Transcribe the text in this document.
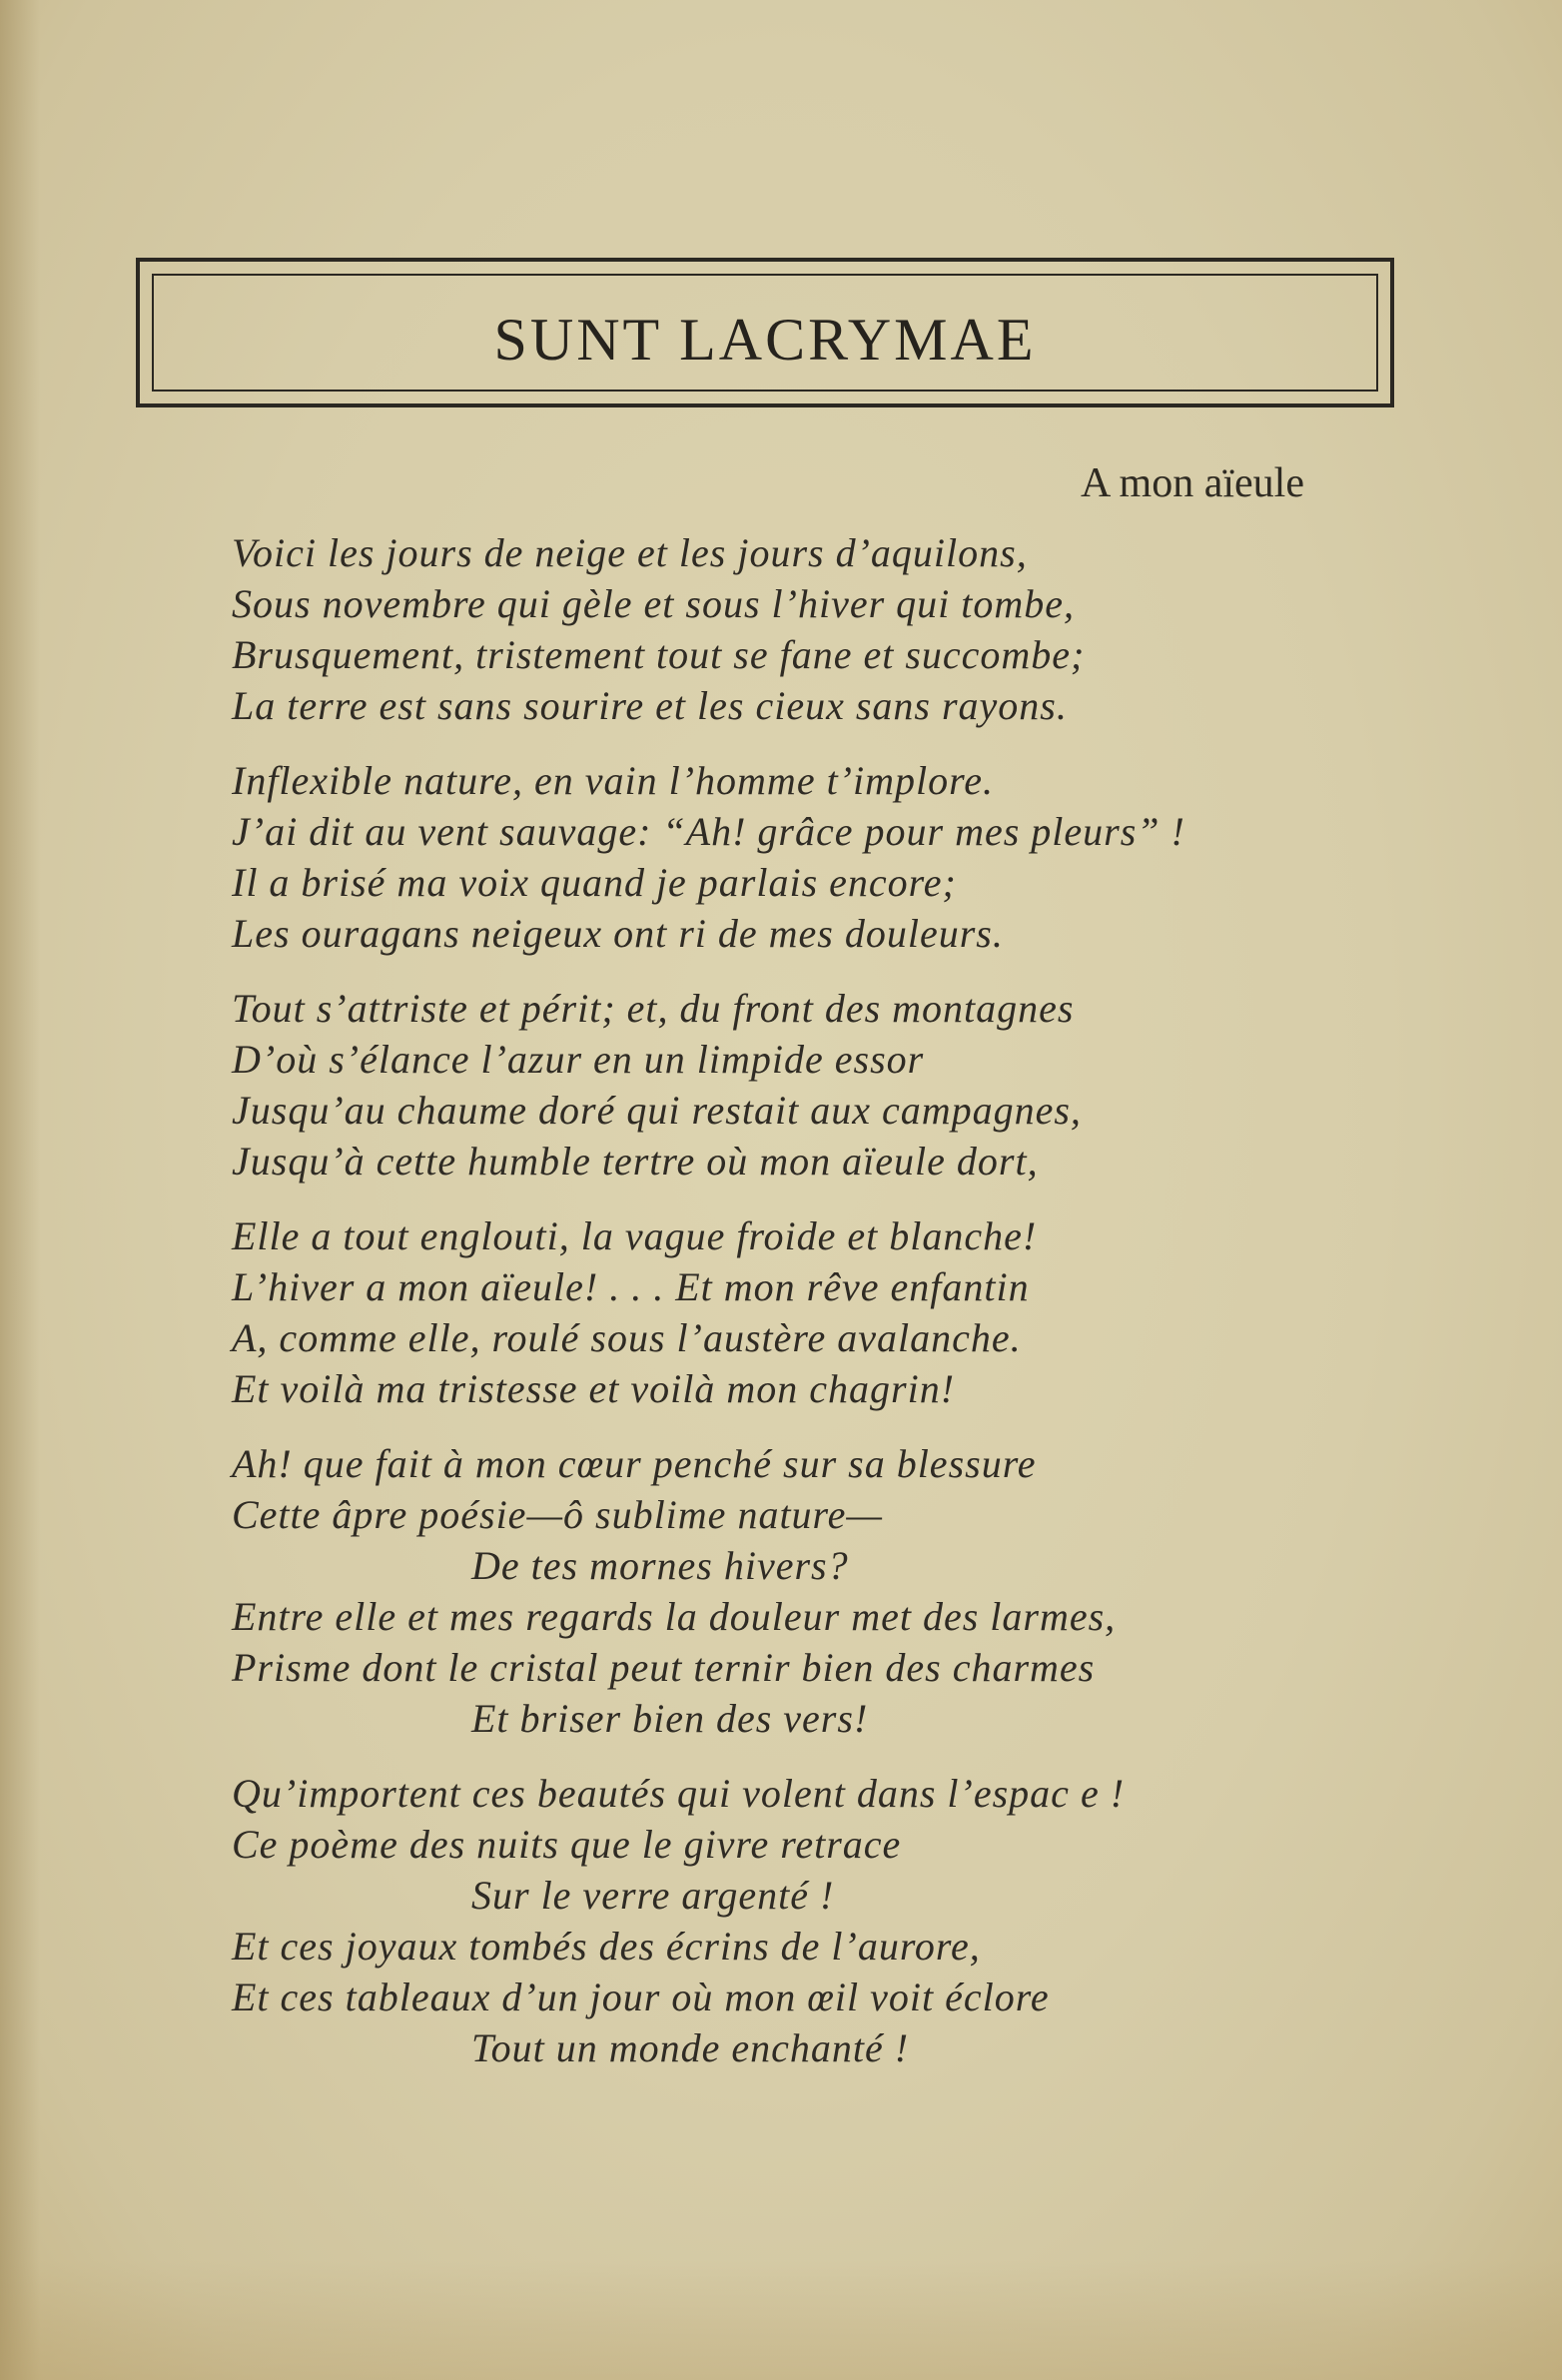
SUNT LACRYMAE
A mon aïeule
Voici les jours de neige et les jours d’aquilons,
Sous novembre qui gèle et sous l’hiver qui tombe,
Brusquement, tristement tout se fane et succombe;
La terre est sans sourire et les cieux sans rayons.
Inflexible nature, en vain l’homme t’implore.
J’ai dit au vent sauvage: “Ah! grâce pour mes pleurs” !
Il a brisé ma voix quand je parlais encore;
Les ouragans neigeux ont ri de mes douleurs.
Tout s’attriste et périt; et, du front des montagnes
D’où s’élance l’azur en un limpide essor
Jusqu’au chaume doré qui restait aux campagnes,
Jusqu’à cette humble tertre où mon aïeule dort,
Elle a tout englouti, la vague froide et blanche!
L’hiver a mon aïeule! . . . Et mon rêve enfantin
A, comme elle, roulé sous l’austère avalanche.
Et voilà ma tristesse et voilà mon chagrin!
Ah! que fait à mon cœur penché sur sa blessure
Cette âpre poésie—ô sublime nature—
De tes mornes hivers?
Entre elle et mes regards la douleur met des larmes,
Prisme dont le cristal peut ternir bien des charmes
Et briser bien des vers!
Qu’importent ces beautés qui volent dans l’espac e !
Ce poème des nuits que le givre retrace
Sur le verre argenté !
Et ces joyaux tombés des écrins de l’aurore,
Et ces tableaux d’un jour où mon œil voit éclore
Tout un monde enchanté !
